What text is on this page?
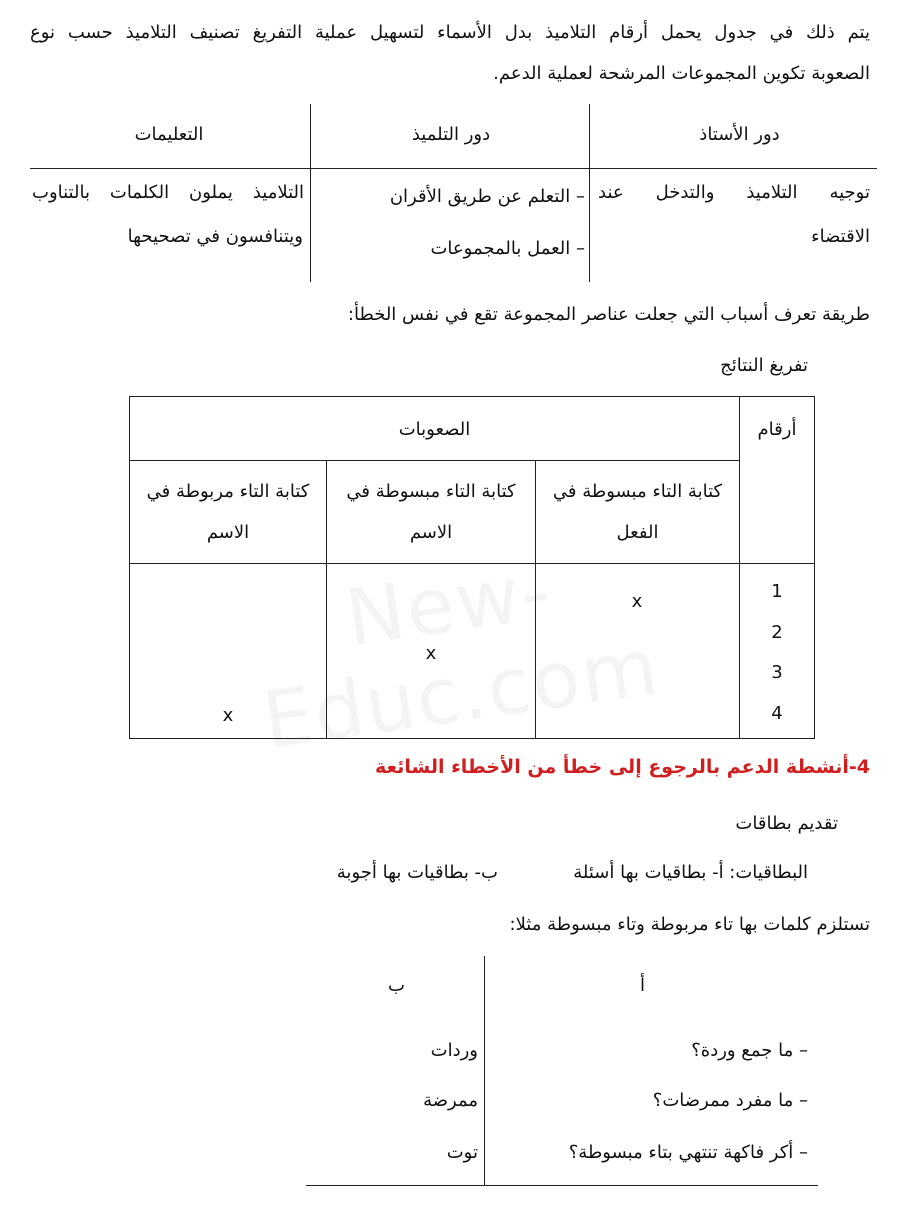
يتم ذلك في جدول يحمل أرقام التلاميذ بدل الأسماء لتسهيل عملية التفريغ تصنيف التلاميذ حسب نوع

الصعوبة تكوين المجموعات المرشحة لعملية الدعم.

دور الأستاذ
دور التلميذ
التعليمات
توجيه التلاميذ والتدخل عند
الاقتضاء
– التعلم عن طريق الأقران
– العمل بالمجموعات
التلاميذ يملون الكلمات بالتناوب
ويتنافسون في تصحيحها

طريقة تعرف أسباب التي جعلت عناصر المجموعة تقع في نفس الخطأ:

تفريغ النتائج

أرقام
الصعوبات
كتابة التاء مبسوطة في
الفعل
كتابة التاء مبسوطة في
الاسم
كتابة التاء مربوطة في
الاسم
1
2
3
4
x
x
x
4-أنشطة الدعم بالرجوع إلى خطأ من الأخطاء الشائعة

تقديم بطاقات

البطاقيات: أ- بطاقيات بها أسئلة

ب- بطاقيات بها أجوبة

تستلزم كلمات بها تاء مربوطة وتاء مبسوطة مثلا:

أ

ب

– ما جمع وردة؟

– ما مفرد ممرضات؟

– أكر فاكهة تنتهي بتاء مبسوطة؟

وردات

ممرضة

توت
